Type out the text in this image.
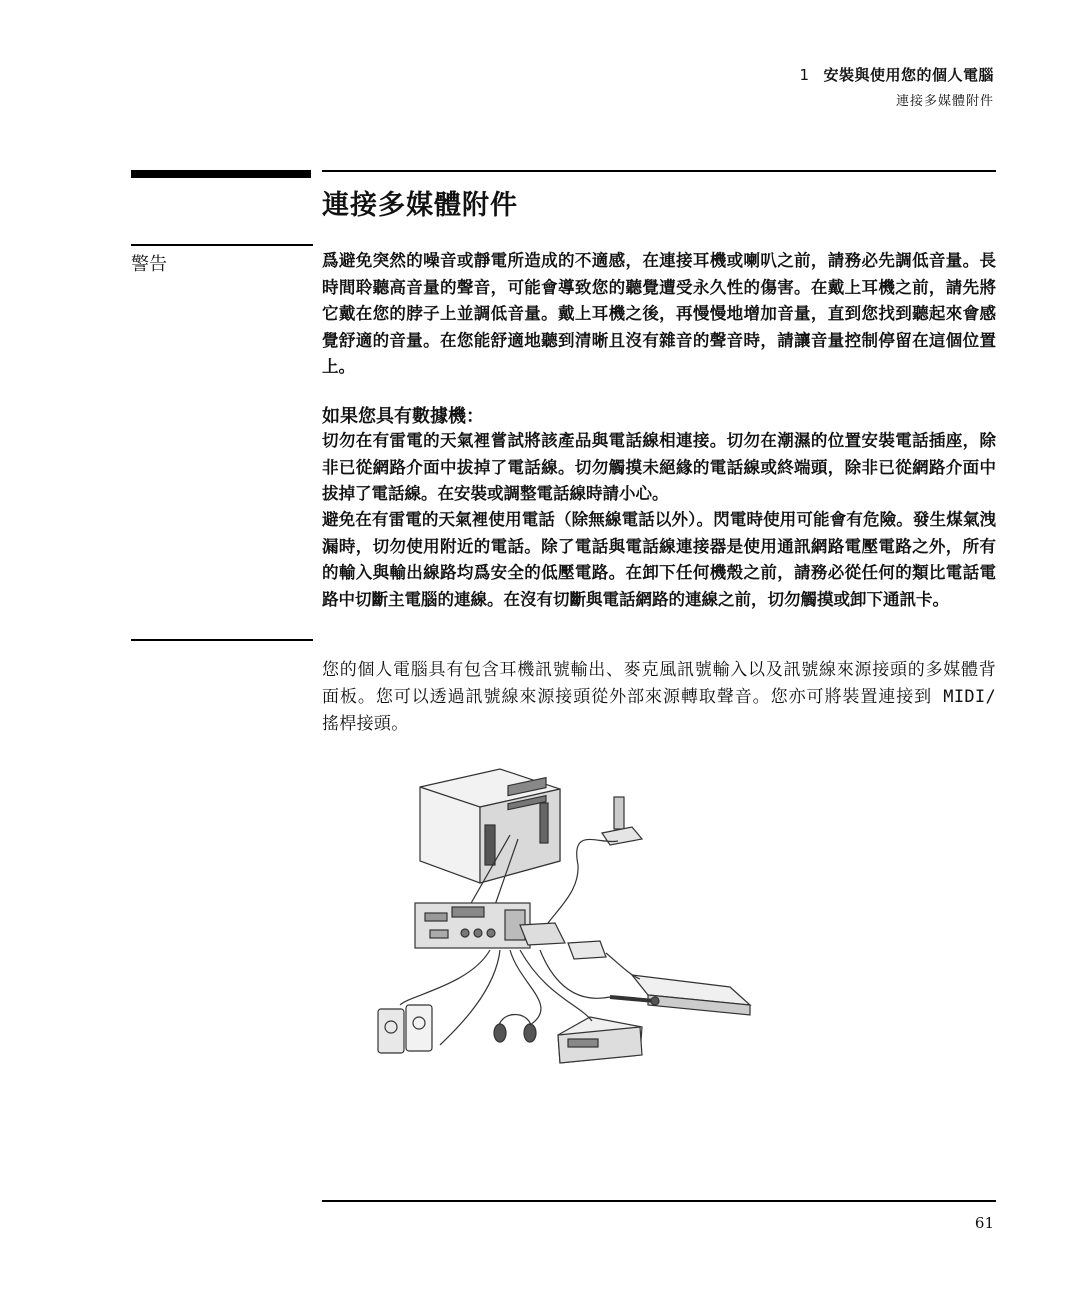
1 安裝與使用您的個人電腦
連接多媒體附件
連接多媒體附件
警告	爲避免突然的噪音或靜電所造成的不適感，在連接耳機或喇叭之前，請務必先調低音量。長時間聆聽高音量的聲音，可能會導致您的聽覺遭受永久性的傷害。在戴上耳機之前，請先將它戴在您的脖子上並調低音量。戴上耳機之後，再慢慢地增加音量，直到您找到聽起來會感覺舒適的音量。在您能舒適地聽到清晰且沒有雜音的聲音時，請讓音量控制停留在這個位置上。
如果您具有數據機：
切勿在有雷電的天氣裡嘗試將該產品與電話線相連接。切勿在潮濕的位置安裝電話插座，除非已從網路介面中拔掉了電話線。切勿觸摸未絕緣的電話線或終端頭，除非已從網路介面中拔掉了電話線。在安裝或調整電話線時請小心。
避免在有雷電的天氣裡使用電話（除無線電話以外）。閃電時使用可能會有危險。發生煤氣洩漏時，切勿使用附近的電話。除了電話與電話線連接器是使用通訊網路電壓電路之外，所有的輸入與輸出線路均爲安全的低壓電路。在卸下任何機殼之前，請務必從任何的類比電話電路中切斷主電腦的連線。在沒有切斷與電話網路的連線之前，切勿觸摸或卸下通訊卡。
您的個人電腦具有包含耳機訊號輸出、麥克風訊號輸入以及訊號線來源接頭的多媒體背面板。您可以透過訊號線來源接頭從外部來源轉取聲音。您亦可將裝置連接到 MIDI/ 搖桿接頭。
61
